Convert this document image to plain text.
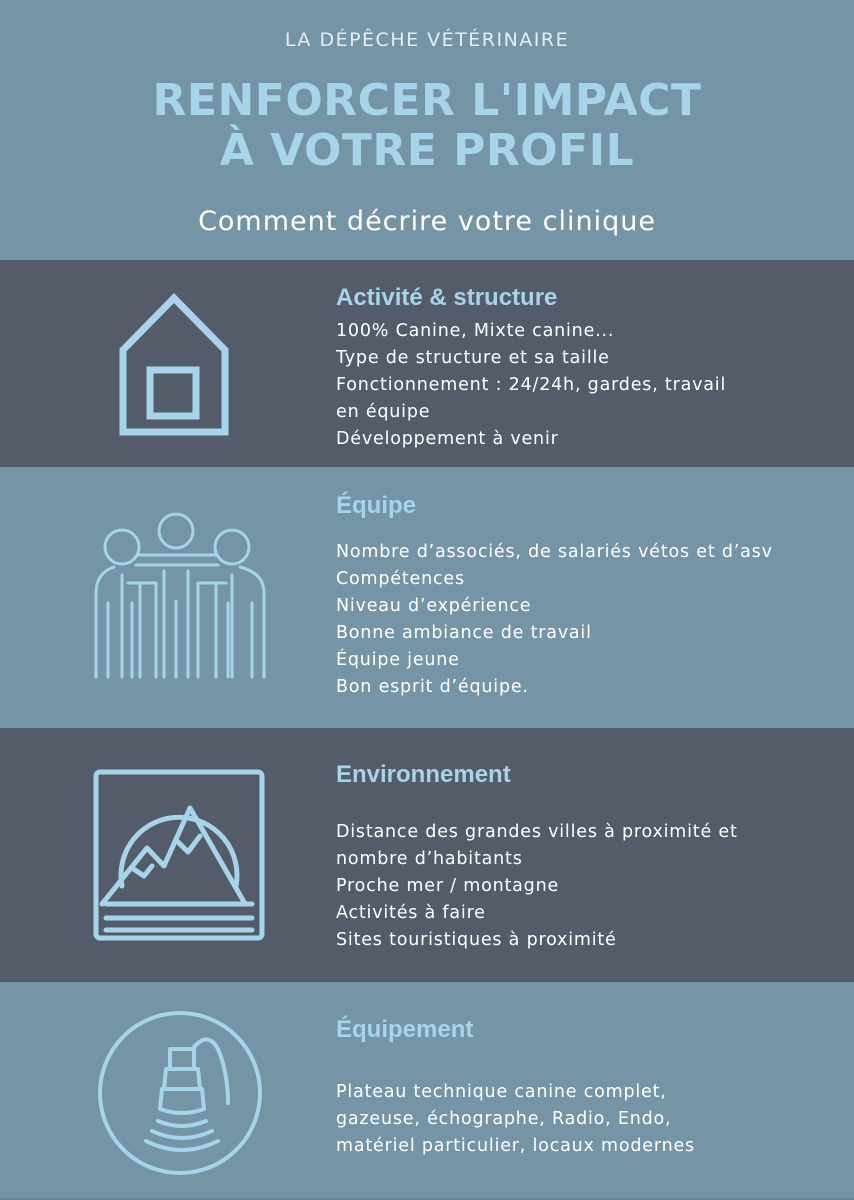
LA DÉPÊCHE VÉTÉRINAIRE
RENFORCER L'IMPACT
À VOTRE PROFIL
Comment décrire votre clinique
Activité & structure
100% Canine, Mixte canine...
Type de structure et sa taille
Fonctionnement : 24/24h, gardes, travail
en équipe
Développement à venir
Équipe
Nombre d’associés, de salariés vétos et d’asv
Compétences
Niveau d’expérience
Bonne ambiance de travail
Équipe jeune
Bon esprit d’équipe.
Environnement
Distance des grandes villes à proximité et
nombre d’habitants
Proche mer / montagne
Activités à faire
Sites touristiques à proximité
Équipement
Plateau technique canine complet,
gazeuse, échographe, Radio, Endo,
matériel particulier, locaux modernes
